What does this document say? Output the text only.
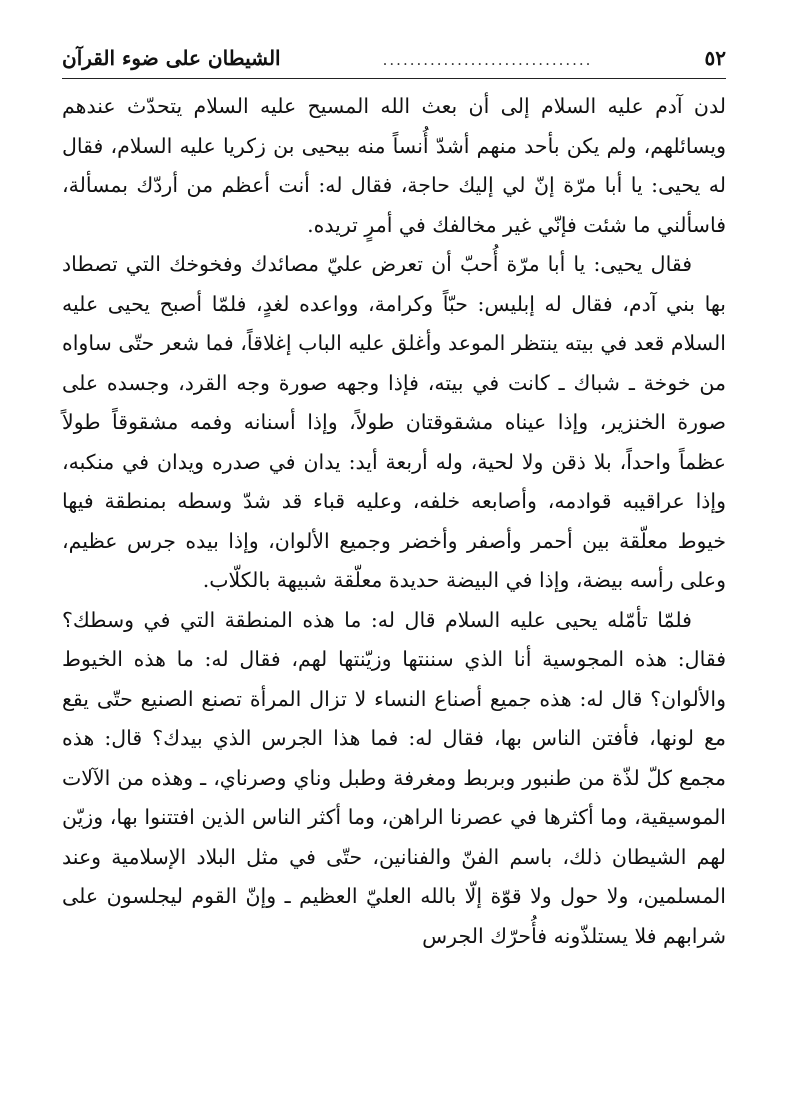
٥٢
...............................
الشيطان على ضوء القرآن

لدن آدم عليه السلام إلى أن بعث الله المسيح عليه السلام يتحدّث عندهم ويسائلهم، ولم يكن بأحد منهم أشدّ أُنساً منه بيحيى بن زكريا عليه السلام، فقال له يحيى: يا أبا مرّة إنّ لي إليك حاجة، فقال له: أنت أعظم من أردّك بمسألة، فاسألني ما شئت فإنّي غير مخالفك في أمرٍ تريده.

فقال يحيى: يا أبا مرّة أُحبّ أن تعرض عليّ مصائدك وفخوخك التي تصطاد بها بني آدم، فقال له إبليس: حبّاً وكرامة، وواعده لغدٍ، فلمّا أصبح يحيى عليه السلام قعد في بيته ينتظر الموعد وأغلق عليه الباب إغلاقاً، فما شعر حتّى ساواه من خوخة ـ شباك ـ كانت في بيته، فإذا وجهه صورة وجه القرد، وجسده على صورة الخنزير، وإذا عيناه مشقوقتان طولاً، وإذا أسنانه وفمه مشقوقاً طولاً عظماً واحداً، بلا ذقن ولا لحية، وله أربعة أيد: يدان في صدره ويدان في منكبه، وإذا عراقيبه قوادمه، وأصابعه خلفه، وعليه قباء قد شدّ وسطه بمنطقة فيها خيوط معلّقة بين أحمر وأصفر وأخضر وجميع الألوان، وإذا بيده جرس عظيم، وعلى رأسه بيضة، وإذا في البيضة حديدة معلّقة شبيهة بالكلّاب.

فلمّا تأمّله يحيى عليه السلام قال له: ما هذه المنطقة التي في وسطك؟ فقال: هذه المجوسية أنا الذي سننتها وزيّنتها لهم، فقال له: ما هذه الخيوط والألوان؟ قال له: هذه جميع أصناع النساء لا تزال المرأة تصنع الصنيع حتّى يقع مع لونها، فأفتن الناس بها، فقال له: فما هذا الجرس الذي بيدك؟ قال: هذه مجمع كلّ لذّة من طنبور وبربط ومغرفة وطبل وناي وصرناي، ـ وهذه من الآلات الموسيقية، وما أكثرها في عصرنا الراهن، وما أكثر الناس الذين افتتنوا بها، وزيّن لهم الشيطان ذلك، باسم الفنّ والفنانين، حتّى في مثل البلاد الإسلامية وعند المسلمين، ولا حول ولا قوّة إلّا بالله العليّ العظيم ـ وإنّ القوم ليجلسون على شرابهم فلا يستلذّونه فأُحرّك الجرس
